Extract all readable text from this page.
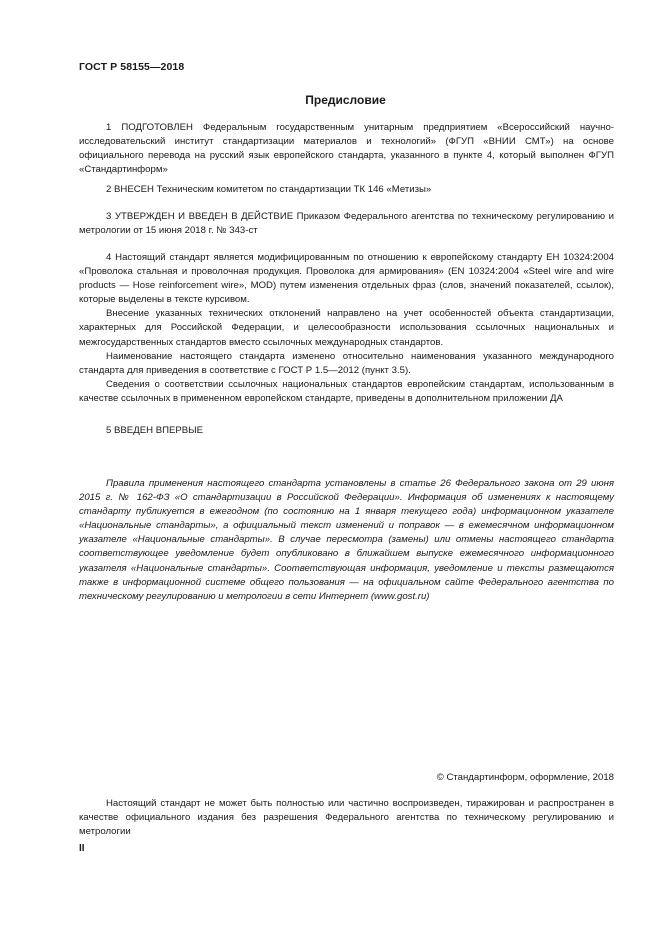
ГОСТ Р 58155—2018
Предисловие

1 ПОДГОТОВЛЕН Федеральным государственным унитарным предприятием «Всероссийский научно-исследовательский институт стандартизации материалов и технологий» (ФГУП «ВНИИ СМТ») на основе официального перевода на русский язык европейского стандарта, указанного в пункте 4, который выполнен ФГУП «Стандартинформ»

2 ВНЕСЕН Техническим комитетом по стандартизации ТК 146 «Метизы»

3 УТВЕРЖДЕН И ВВЕДЕН В ДЕЙСТВИЕ Приказом Федерального агентства по техническому регулированию и метрологии от 15 июня 2018 г. № 343-ст

4 Настоящий стандарт является модифицированным по отношению к европейскому стандарту ЕН 10324:2004 «Проволока стальная и проволочная продукция. Проволока для армирования» (EN 10324:2004 «Steel wire and wire products — Hose reinforcement wire», MOD) путем изменения отдельных фраз (слов, значений показателей, ссылок), которые выделены в тексте курсивом.

Внесение указанных технических отклонений направлено на учет особенностей объекта стандартизации, характерных для Российской Федерации, и целесообразности использования ссылочных национальных и межгосударственных стандартов вместо ссылочных международных стандартов.

Наименование настоящего стандарта изменено относительно наименования указанного международного стандарта для приведения в соответствие с ГОСТ Р 1.5—2012 (пункт 3.5).

Сведения о соответствии ссылочных национальных стандартов европейским стандартам, использованным в качестве ссылочных в примененном европейском стандарте, приведены в дополнительном приложении ДА

5 ВВЕДЕН ВПЕРВЫЕ

Правила применения настоящего стандарта установлены в статье 26 Федерального закона от 29 июня 2015 г. № 162-ФЗ «О стандартизации в Российской Федерации». Информация об изменениях к настоящему стандарту публикуется в ежегодном (по состоянию на 1 января текущего года) информационном указателе «Национальные стандарты», а официальный текст изменений и поправок — в ежемесячном информационном указателе «Национальные стандарты». В случае пересмотра (замены) или отмены настоящего стандарта соответствующее уведомление будет опубликовано в ближайшем выпуске ежемесячного информационного указателя «Национальные стандарты». Соответствующая информация, уведомление и тексты размещаются также в информационной системе общего пользования — на официальном сайте Федерального агентства по техническому регулированию и метрологии в сети Интернет (www.gost.ru)

© Стандартинформ, оформление, 2018

Настоящий стандарт не может быть полностью или частично воспроизведен, тиражирован и распространен в качестве официального издания без разрешения Федерального агентства по техническому регулированию и метрологии

II
